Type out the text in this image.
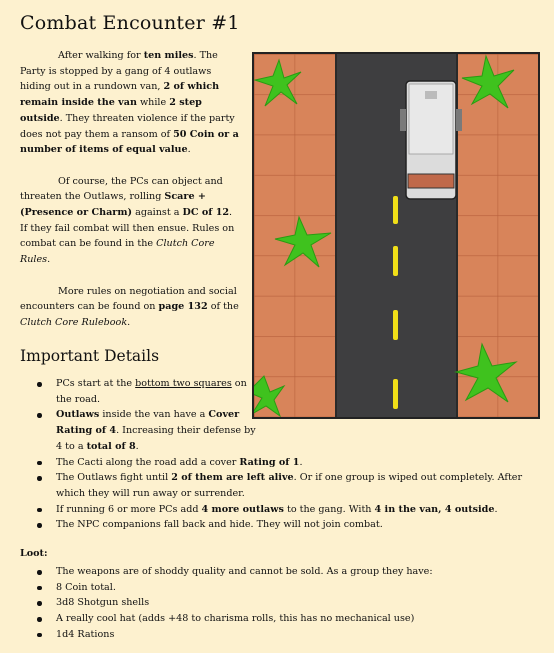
Combat Encounter #1

After walking for ten miles. The Party is stopped by a gang of 4 outlaws hiding out in a rundown van, 2 of which remain inside the van while 2 step outside. They threaten violence if the party does not pay them a ransom of 50 Coin or a number of items of equal value.

Of course, the PCs can object and threaten the Outlaws, rolling Scare + (Presence or Charm) against a DC of 12. If they fail combat will then ensue. Rules on combat can be found in the Clutch Core Rules.

More rules on negotiation and social encounters can be found on page 132 of the Clutch Core Rulebook.

Important Details
PCs start at the bottom two squares on the road.
Outlaws inside the van have a Cover Rating of 4. Increasing their defense by 4 to a total of 8.
The Cacti along the road add a cover Rating of 1.
The Outlaws fight until 2 of them are left alive. Or if one group is wiped out completely. After which they will run away or surrender.
If running 6 or more PCs add 4 more outlaws to the gang. With 4 in the van, 4 outside.
The NPC companions fall back and hide. They will not join combat.

Loot:

The weapons are of shoddy quality and cannot be sold. As a group they have:
8 Coin total.
3d8 Shotgun shells
A really cool hat (adds +48 to charisma rolls, this has no mechanical use)
1d4 Rations
